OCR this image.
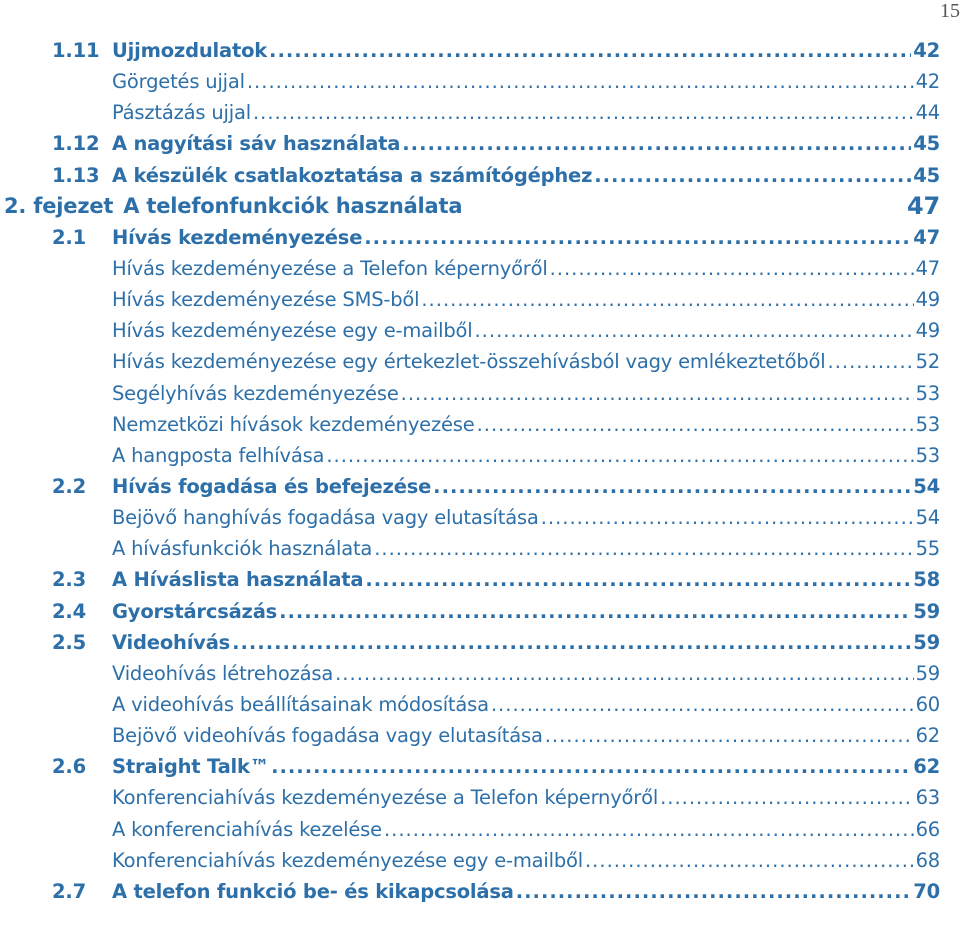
15
1.11 Ujjmozdulatok .....	42
Görgetés ujjal .....	42
Pásztázás ujjal .....	44
1.12 A nagyítási sáv használata .....	45
1.13 A készülék csatlakoztatása a számítógéphez .....	45
2. fejezet A telefonfunkciók használata	47
2.1	Hívás kezdeményezése .....	47
Hívás kezdeményezése a Telefon képernyőről .....	47
Hívás kezdeményezése SMS-ből .....	49
Hívás kezdeményezése egy e-mailből .....	49
Hívás kezdeményezése egy értekezlet-összehívásból vagy emlékeztetőből .....	52
Segélyhívás kezdeményezése .....	53
Nemzetközi hívások kezdeményezése .....	53
A hangposta felhívása .....	53
2.2	Hívás fogadása és befejezése .....	54
Bejövő hanghívás fogadása vagy elutasítása .....	54
A hívásfunkciók használata .....	55
2.3	A Híváslista használata .....	58
2.4	Gyorstárcsázás .....	59
2.5	Videohívás .....	59
Videohívás létrehozása .....	59
A videohívás beállításainak módosítása .....	60
Bejövő videohívás fogadása vagy elutasítása .....	62
2.6	Straight Talk™ .....	62
Konferenciahívás kezdeményezése a Telefon képernyőről .....	63
A konferenciahívás kezelése .....	66
Konferenciahívás kezdeményezése egy e-mailből .....	68
2.7	A telefon funkció be- és kikapcsolása .....	70
